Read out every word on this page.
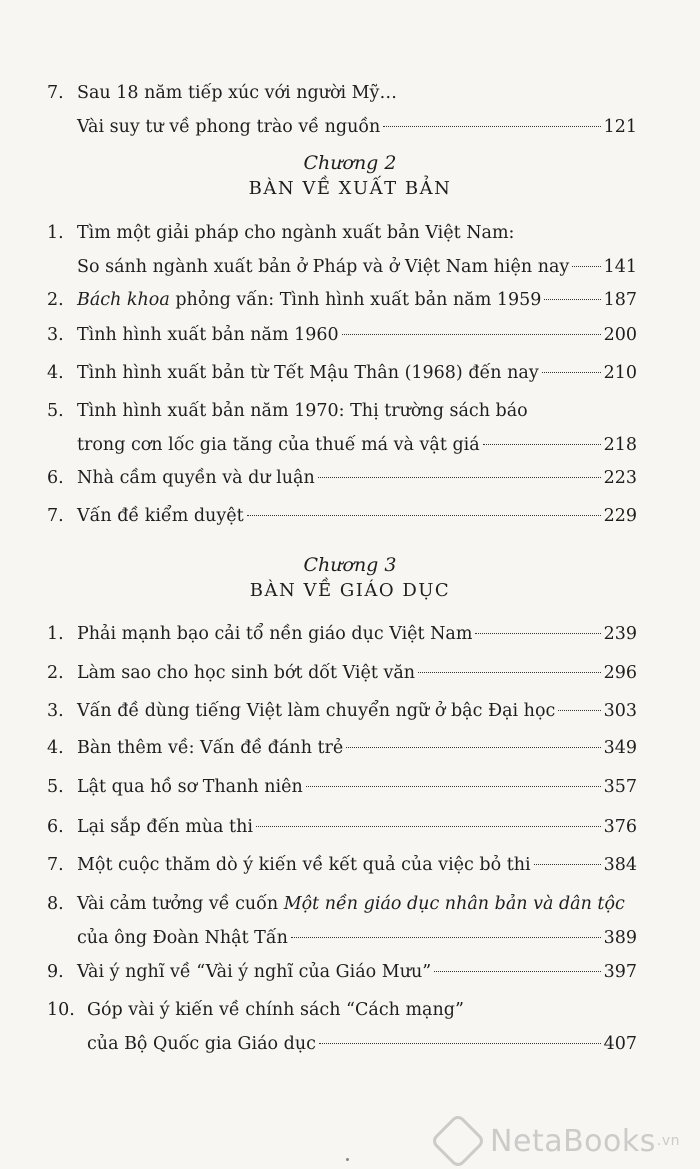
7. Sau 18 năm tiếp xúc với người Mỹ…
Vài suy tư về phong trào về nguồn	121
Chương 2
BÀN VỀ XUẤT BẢN
1. Tìm một giải pháp cho ngành xuất bản Việt Nam:
So sánh ngành xuất bản ở Pháp và ở Việt Nam hiện nay 141
2. Bách khoa phỏng vấn: Tình hình xuất bản năm 1959	187
3. Tình hình xuất bản năm 1960	200
4. Tình hình xuất bản từ Tết Mậu Thân (1968) đến nay	210
5. Tình hình xuất bản năm 1970: Thị trường sách báo
trong cơn lốc gia tăng của thuế má và vật giá	218
6. Nhà cầm quyền và dư luận	223
7. Vấn đề kiểm duyệt	229
Chương 3
BÀN VỀ GIÁO DỤC
1. Phải mạnh bạo cải tổ nền giáo dục Việt Nam	239
2. Làm sao cho học sinh bớt dốt Việt văn	296
3. Vấn đề dùng tiếng Việt làm chuyển ngữ ở bậc Đại học	303
4. Bàn thêm về: Vấn đề đánh trẻ	349
5. Lật qua hồ sơ Thanh niên	357
6. Lại sắp đến mùa thi	376
7. Một cuộc thăm dò ý kiến về kết quả của việc bỏ thi	384
8. Vài cảm tưởng về cuốn Một nền giáo dục nhân bản và dân tộc
của ông Đoàn Nhật Tấn	389
9. Vài ý nghĩ về “Vài ý nghĩ của Giáo Mưu”	397
10. Góp vài ý kiến về chính sách “Cách mạng”
của Bộ Quốc gia Giáo dục	407
NetaBooks .vn
